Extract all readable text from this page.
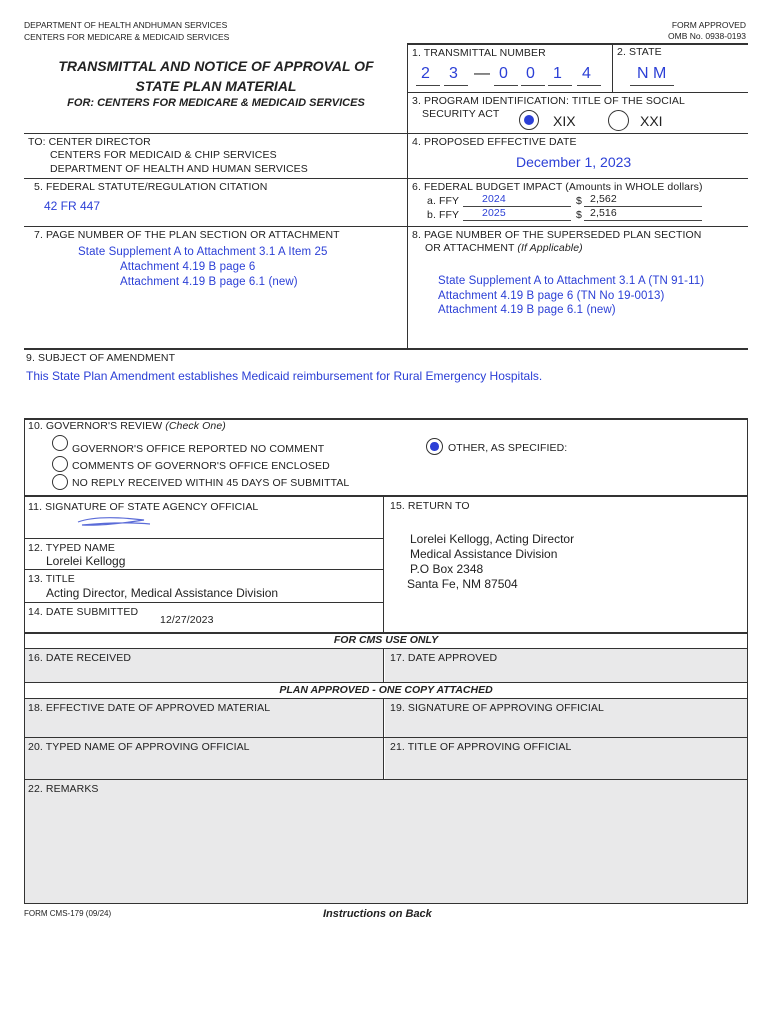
DEPARTMENT OF HEALTH ANDHUMAN SERVICES
CENTERS FOR MEDICARE & MEDICAID SERVICES
FORM APPROVED
OMB No. 0938-0193
TRANSMITTAL AND NOTICE OF APPROVAL OF
STATE PLAN MATERIAL
FOR: CENTERS FOR MEDICARE & MEDICAID SERVICES
1. TRANSMITTAL NUMBER
2 3 — 0 0 1 4
2. STATE
N M
3. PROGRAM IDENTIFICATION: TITLE OF THE SOCIAL
SECURITY ACT	XIX	XXI
TO: CENTER DIRECTOR
CENTERS FOR MEDICAID & CHIP SERVICES
DEPARTMENT OF HEALTH AND HUMAN SERVICES
4. PROPOSED EFFECTIVE DATE
December 1, 2023
5. FEDERAL STATUTE/REGULATION CITATION
42 FR 447
6. FEDERAL BUDGET IMPACT (Amounts in WHOLE dollars)
a. FFY 2024	$ 2,562
b. FFY 2025	$ 2,516
7. PAGE NUMBER OF THE PLAN SECTION OR ATTACHMENT
State Supplement A to Attachment 3.1 A Item 25
Attachment 4.19 B page 6
Attachment 4.19 B page 6.1 (new)
8. PAGE NUMBER OF THE SUPERSEDED PLAN SECTION
OR ATTACHMENT (If Applicable)
State Supplement A to Attachment 3.1 A (TN 91-11)
Attachment 4.19 B page 6 (TN No 19-0013)
Attachment 4.19 B page 6.1 (new)
9. SUBJECT OF AMENDMENT
This State Plan Amendment establishes Medicaid reimbursement for Rural Emergency Hospitals.
10. GOVERNOR'S REVIEW (Check One)
GOVERNOR'S OFFICE REPORTED NO COMMENT
COMMENTS OF GOVERNOR'S OFFICE ENCLOSED
NO REPLY RECEIVED WITHIN 45 DAYS OF SUBMITTAL
OTHER, AS SPECIFIED:
11. SIGNATURE OF STATE AGENCY OFFICIAL
12. TYPED NAME
Lorelei Kellogg
13. TITLE
Acting Director, Medical Assistance Division
14. DATE SUBMITTED
12/27/2023
15. RETURN TO
Lorelei Kellogg, Acting Director
Medical Assistance Division
P.O Box 2348
Santa Fe, NM 87504
FOR CMS USE ONLY
16. DATE RECEIVED	17. DATE APPROVED
PLAN APPROVED - ONE COPY ATTACHED
18. EFFECTIVE DATE OF APPROVED MATERIAL	19. SIGNATURE OF APPROVING OFFICIAL
20. TYPED NAME OF APPROVING OFFICIAL	21. TITLE OF APPROVING OFFICIAL
22. REMARKS
FORM CMS-179 (09/24)	Instructions on Back
